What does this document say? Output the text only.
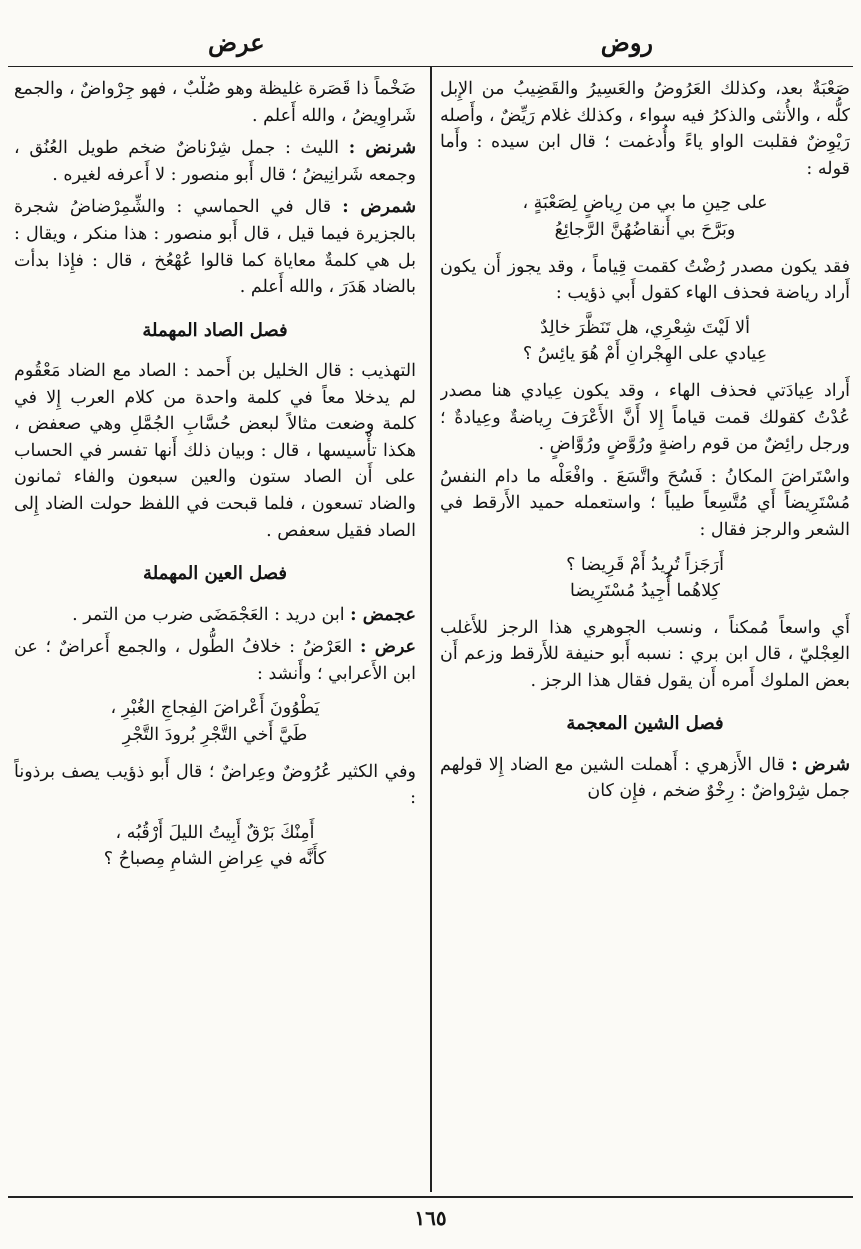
روض
عرض

صَعْبَةٌ بعد، وكذلك العَرُوضُ والعَسِيرُ والقَضِيبُ من الإِبل كلُّه ، والأُنثى والذكرُ فيه سواء ، وكذلك غلام رَيِّضٌ ، وأَصله رَيْوِضٌ فقلبت الواو ياءً وأُدغمت ؛ قال ابن سيده : وأَما قوله :

على حِينِ ما بي من رِياضٍ لِصَعْبَةٍ ،
وبَرَّحَ بي أَنقاضُهُنَّ الرَّجائِعُ

فقد يكون مصدر رُضْتُ كقمت قِياماً ، وقد يجوز أَن يكون أَراد رياضة فحذف الهاء كقول أَبي ذؤيب :

ألا لَيْتَ شِعْرِي، هل تَنَظَّرَ خالِدٌ
عِيادي على الهِجْرانِ أَمْ هُوَ يائِسُ ؟

أَراد عِيادَتي فحذف الهاء ، وقد يكون عِيادي هنا مصدر عُدْتُ كقولك قمت قياماً إِلا أَنَّ الأَعْرَفَ رِياضةٌ وعِيادةٌ ؛ ورجل رائِضٌ من قوم راضةٍ ورُوَّضٍ ورُوَّاضٍ .

واسْتَراضَ المكانُ : فَسُحَ واتَّسَعَ . وافْعَلْه ما دام النفسُ مُسْتَرِيضاً أَي مُتَّسِعاً طيباً ؛ واستعمله حميد الأَرقط في الشعر والرجز فقال :

أَرَجَزاً تُرِيدُ أَمْ قَرِيضا ؟
كِلاهُما أُجِيدُ مُسْتَرِيضا

أَي واسعاً مُمكناً ، ونسب الجوهري هذا الرجز للأَغلب العِجْليّ ، قال ابن بري : نسبه أَبو حنيفة للأَرقط وزعم أَن بعض الملوك أَمره أَن يقول فقال هذا الرجز .

فصل الشين المعجمة

شرض : قال الأَزهري : أَهملت الشين مع الضاد إِلا قولهم جمل شِرْواضٌ : رِخْوٌ ضخم ، فإِن كان

ضَخْماً ذا قَصَرة غليظة وهو صُلْبٌ ، فهو جِرْواضٌ ، والجمع شَراوِيضُ ، والله أَعلم .

شرنض : الليث : جمل شِرْناضٌ ضخم طويل العُنُق ، وجمعه شَرانِيضُ ؛ قال أَبو منصور : لا أَعرفه لغيره .

شمرض : قال في الحماسي : والشِّمِرْضاضُ شجرة بالجزيرة فيما قيل ، قال أَبو منصور : هذا منكر ، ويقال : بل هي كلمةٌ معاياة كما قالوا عُهْعُخ ، قال : فإِذا بدأت بالضاد هَدَرَ ، والله أَعلم .

فصل الصاد المهملة

التهذيب : قال الخليل بن أَحمد : الصاد مع الضاد مَعْقُوم لم يدخلا معاً في كلمة واحدة من كلام العرب إِلا في كلمة وضعت مثالاً لبعض حُسَّابِ الجُمَّلِ وهي صعفض ، هكذا تأْسيسها ، قال : وبيان ذلك أَنها تفسر في الحساب على أَن الصاد ستون والعين سبعون والفاء ثمانون والضاد تسعون ، فلما قبحت في اللفظ حولت الضاد إِلى الصاد فقيل سعفص .

فصل العين المهملة

عجمض : ابن دريد : العَجْمَضَى ضرب من التمر .

عرض : العَرْضُ : خلافُ الطُّول ، والجمع أَعراضٌ ؛ عن ابن الأَعرابي ؛ وأَنشد :

يَطْوُونَ أَعْراضَ الفِجاجِ الغُبْرِ ،
طَيَّ أَخي التَّجْرِ بُرودَ التَّجْرِ

وفي الكثير عُرُوضٌ وعِراضٌ ؛ قال أَبو ذؤيب يصف برذوناً :

أَمِنْكَ بَرْقٌ أَبِيتُ الليلَ أَرْقُبُه ،
كأَنَّه في عِراضِ الشامِ مِصباحُ ؟
١٦٥
